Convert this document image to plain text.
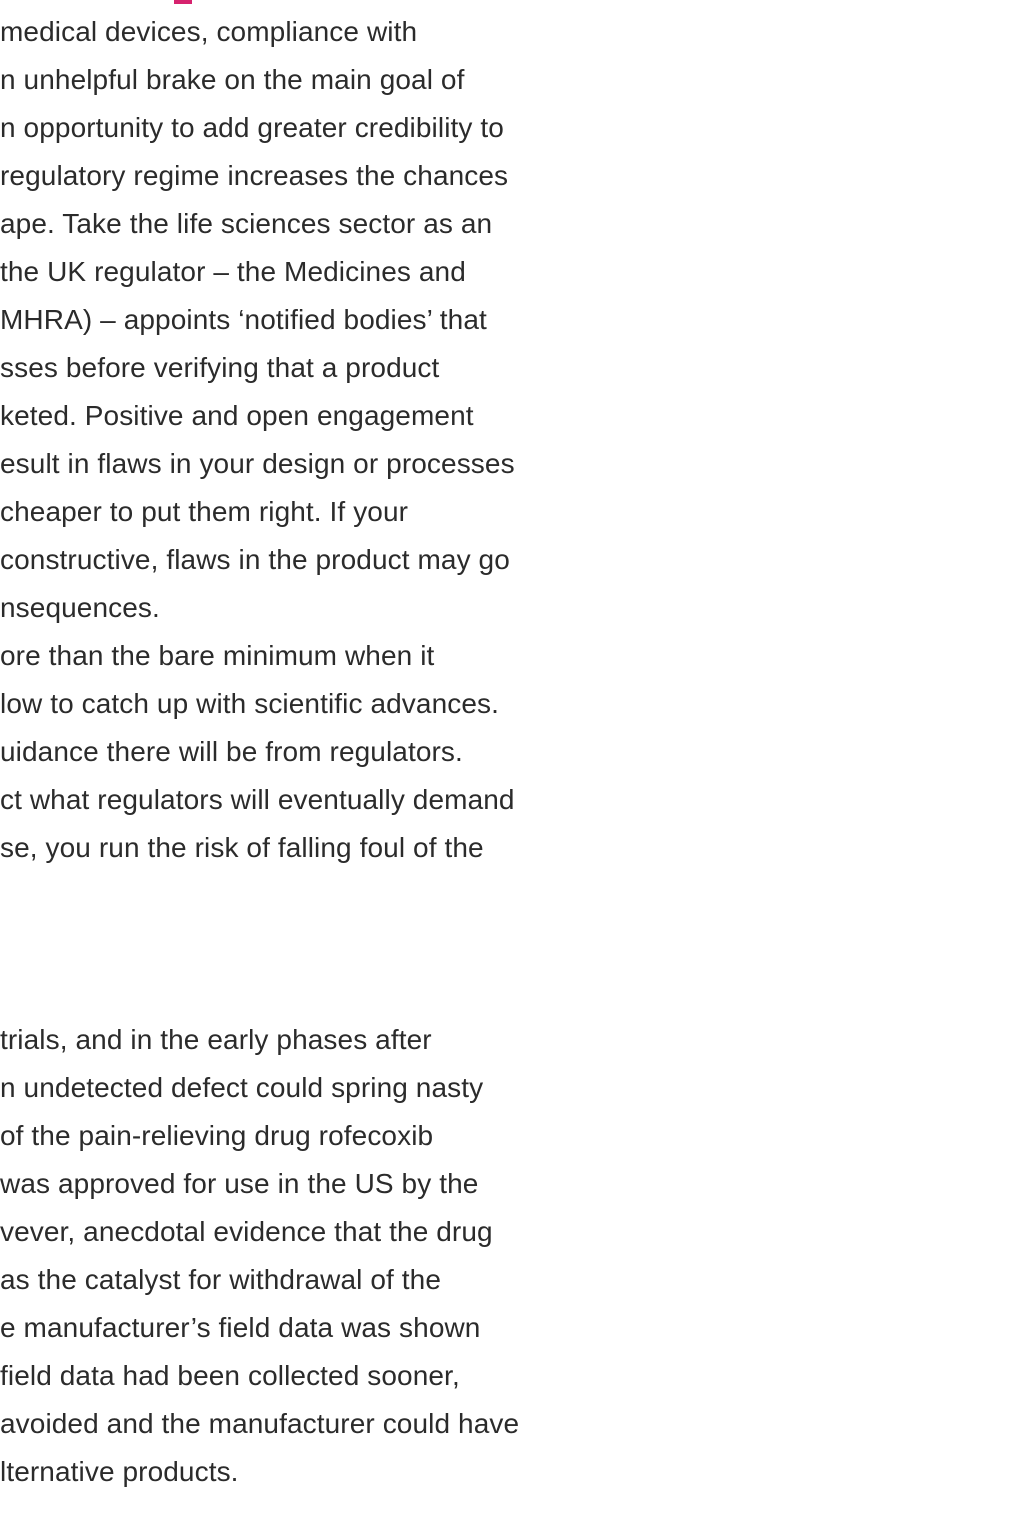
medical devices, compliance with
n unhelpful brake on the main goal of
n opportunity to add greater credibility to
regulatory regime increases the chances
ape. Take the life sciences sector as an
the UK regulator – the Medicines and
MHRA) – appoints ‘notified bodies’ that
sses before verifying that a product
keted. Positive and open engagement
esult in flaws in your design or processes
cheaper to put them right. If your
constructive, flaws in the product may go
nsequences.
ore than the bare minimum when it
low to catch up with scientific advances.
uidance there will be from regulators.
ct what regulators will eventually demand
se, you run the risk of falling foul of the
trials, and in the early phases after
n undetected defect could spring nasty
of the pain-relieving drug rofecoxib
was approved for use in the US by the
vever, anecdotal evidence that the drug
as the catalyst for withdrawal of the
e manufacturer’s field data was shown
field data had been collected sooner,
avoided and the manufacturer could have
lternative products.
